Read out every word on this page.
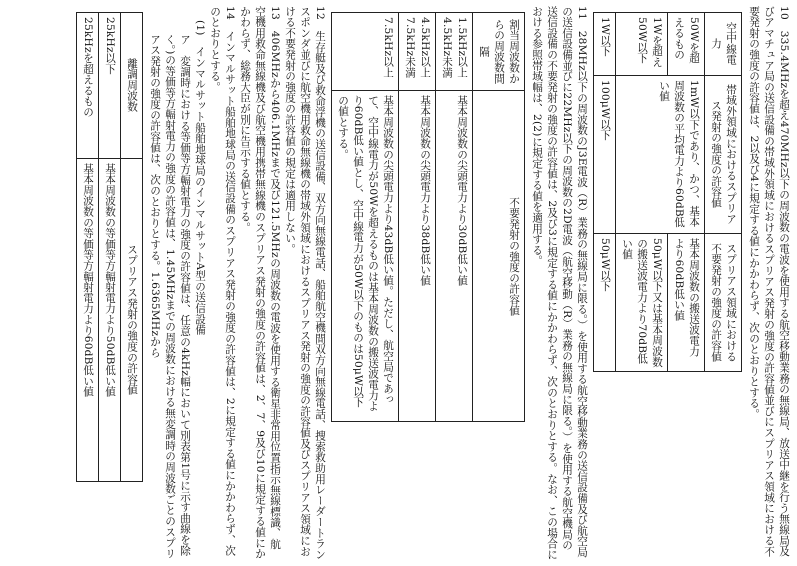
10　335.4MHzを超え470MHz以下の周波数の電波を使用する航空移動業務の無線局、放送中継を行う無線局及びアマチュア局の送信設備の帯域外領域におけるスプリアス発射の強度の許容値並びにスプリアス領域における不要発射の強度の許容値は、2以及び4に規定する値にかかわらず、次のとおりとする。

空中線電力	帯域外領域におけるスプリアス発射の強度の許容値	スプリアス領域における不要発射の強度の許容値
50Wを超えるもの	1mW以下であり、かつ、基本周波数の平均電力より60dB低い値	基本周波数の搬送波電力より60dB低い値
1Wを超え50W以下	50μW以下又は基本周波数の搬送波電力より70dB低い値
1W以下	100μW以下	50μW以下

11　28MHz以下の周波数のJ3E電波（R）業務の無線局に限る。）を使用する航空移動業務の送信設備及び航空局の送信設備並びに22MHz以下の周波数の2D電波（航空移動（R）業務の無線局に限る。）を使用する航空機局の送信設備の不要発射の強度の許容値は、2及び3に規定する値にかかわらず、次のとおりとする。なお、この場合における参照帯域幅は、2(2)に規定する値を適用する。

割当周波数からの周波数間隔	不要発射の強度の許容値
1.5kHz以上4.5kHz未満	基本周波数の尖頭電力より30dB低い値
4.5kHz以上7.5kHz未満	基本周波数の尖頭電力より38dB低い値
7.5kHz以上	基本周波数の尖頭電力より43dB低い値。ただし、航空局であって、空中線電力が50Wを超えるものは基本周波数の搬送波電力より60dB低い値とし、空中線電力が50W以下のものは50μW以下の値とする。

12　生存艇及び救命浮機の送信設備、双方向無線電話、船舶航空機間双方向無線電話、捜索救助用レーダートランスポンダ並びに航空機用救命無線機の帯域外領域におけるスプリアス発射の強度の許容値及びスプリアス領域における不要発射の強度の許容値の規定は適用しない。

13　406MHzから406.1MHzまで及び121.5MHzの周波数の電波を使用する衛星非常用位置指示無線標識、航空機用救命無線機及び航空機用携帯無線機のスプリアス発射の強度の許容値は、2、7、9及び10に規定する値にかかわらず、総務大臣が別に告示する値とする。

14　インマルサット船舶地球局の送信設備のスプリアス発射の強度の許容値は、2に規定する値にかかわらず、次のとおりとする。

(1)　インマルサット船舶地球局のインマルサットA型の送信設備

ア　変調時における等価等方輻射電力の強度の許容値は、任意の4kHz幅において別表第1号に示す曲線を除く。)の等価等方輻射電力の強度の許容値は、1.45MHzまでの周波数における無変調時の周波数ごとのスプリアス発射の強度の許容値は、次のとおりとする。1.6365MHzから

離調周波数	スプリアス発射の強度の許容値
25kHz以下	基本周波数の等価等方輻射電力より50dB低い値
25kHzを超えるもの	基本周波数の等価等方輻射電力より60dB低い値
